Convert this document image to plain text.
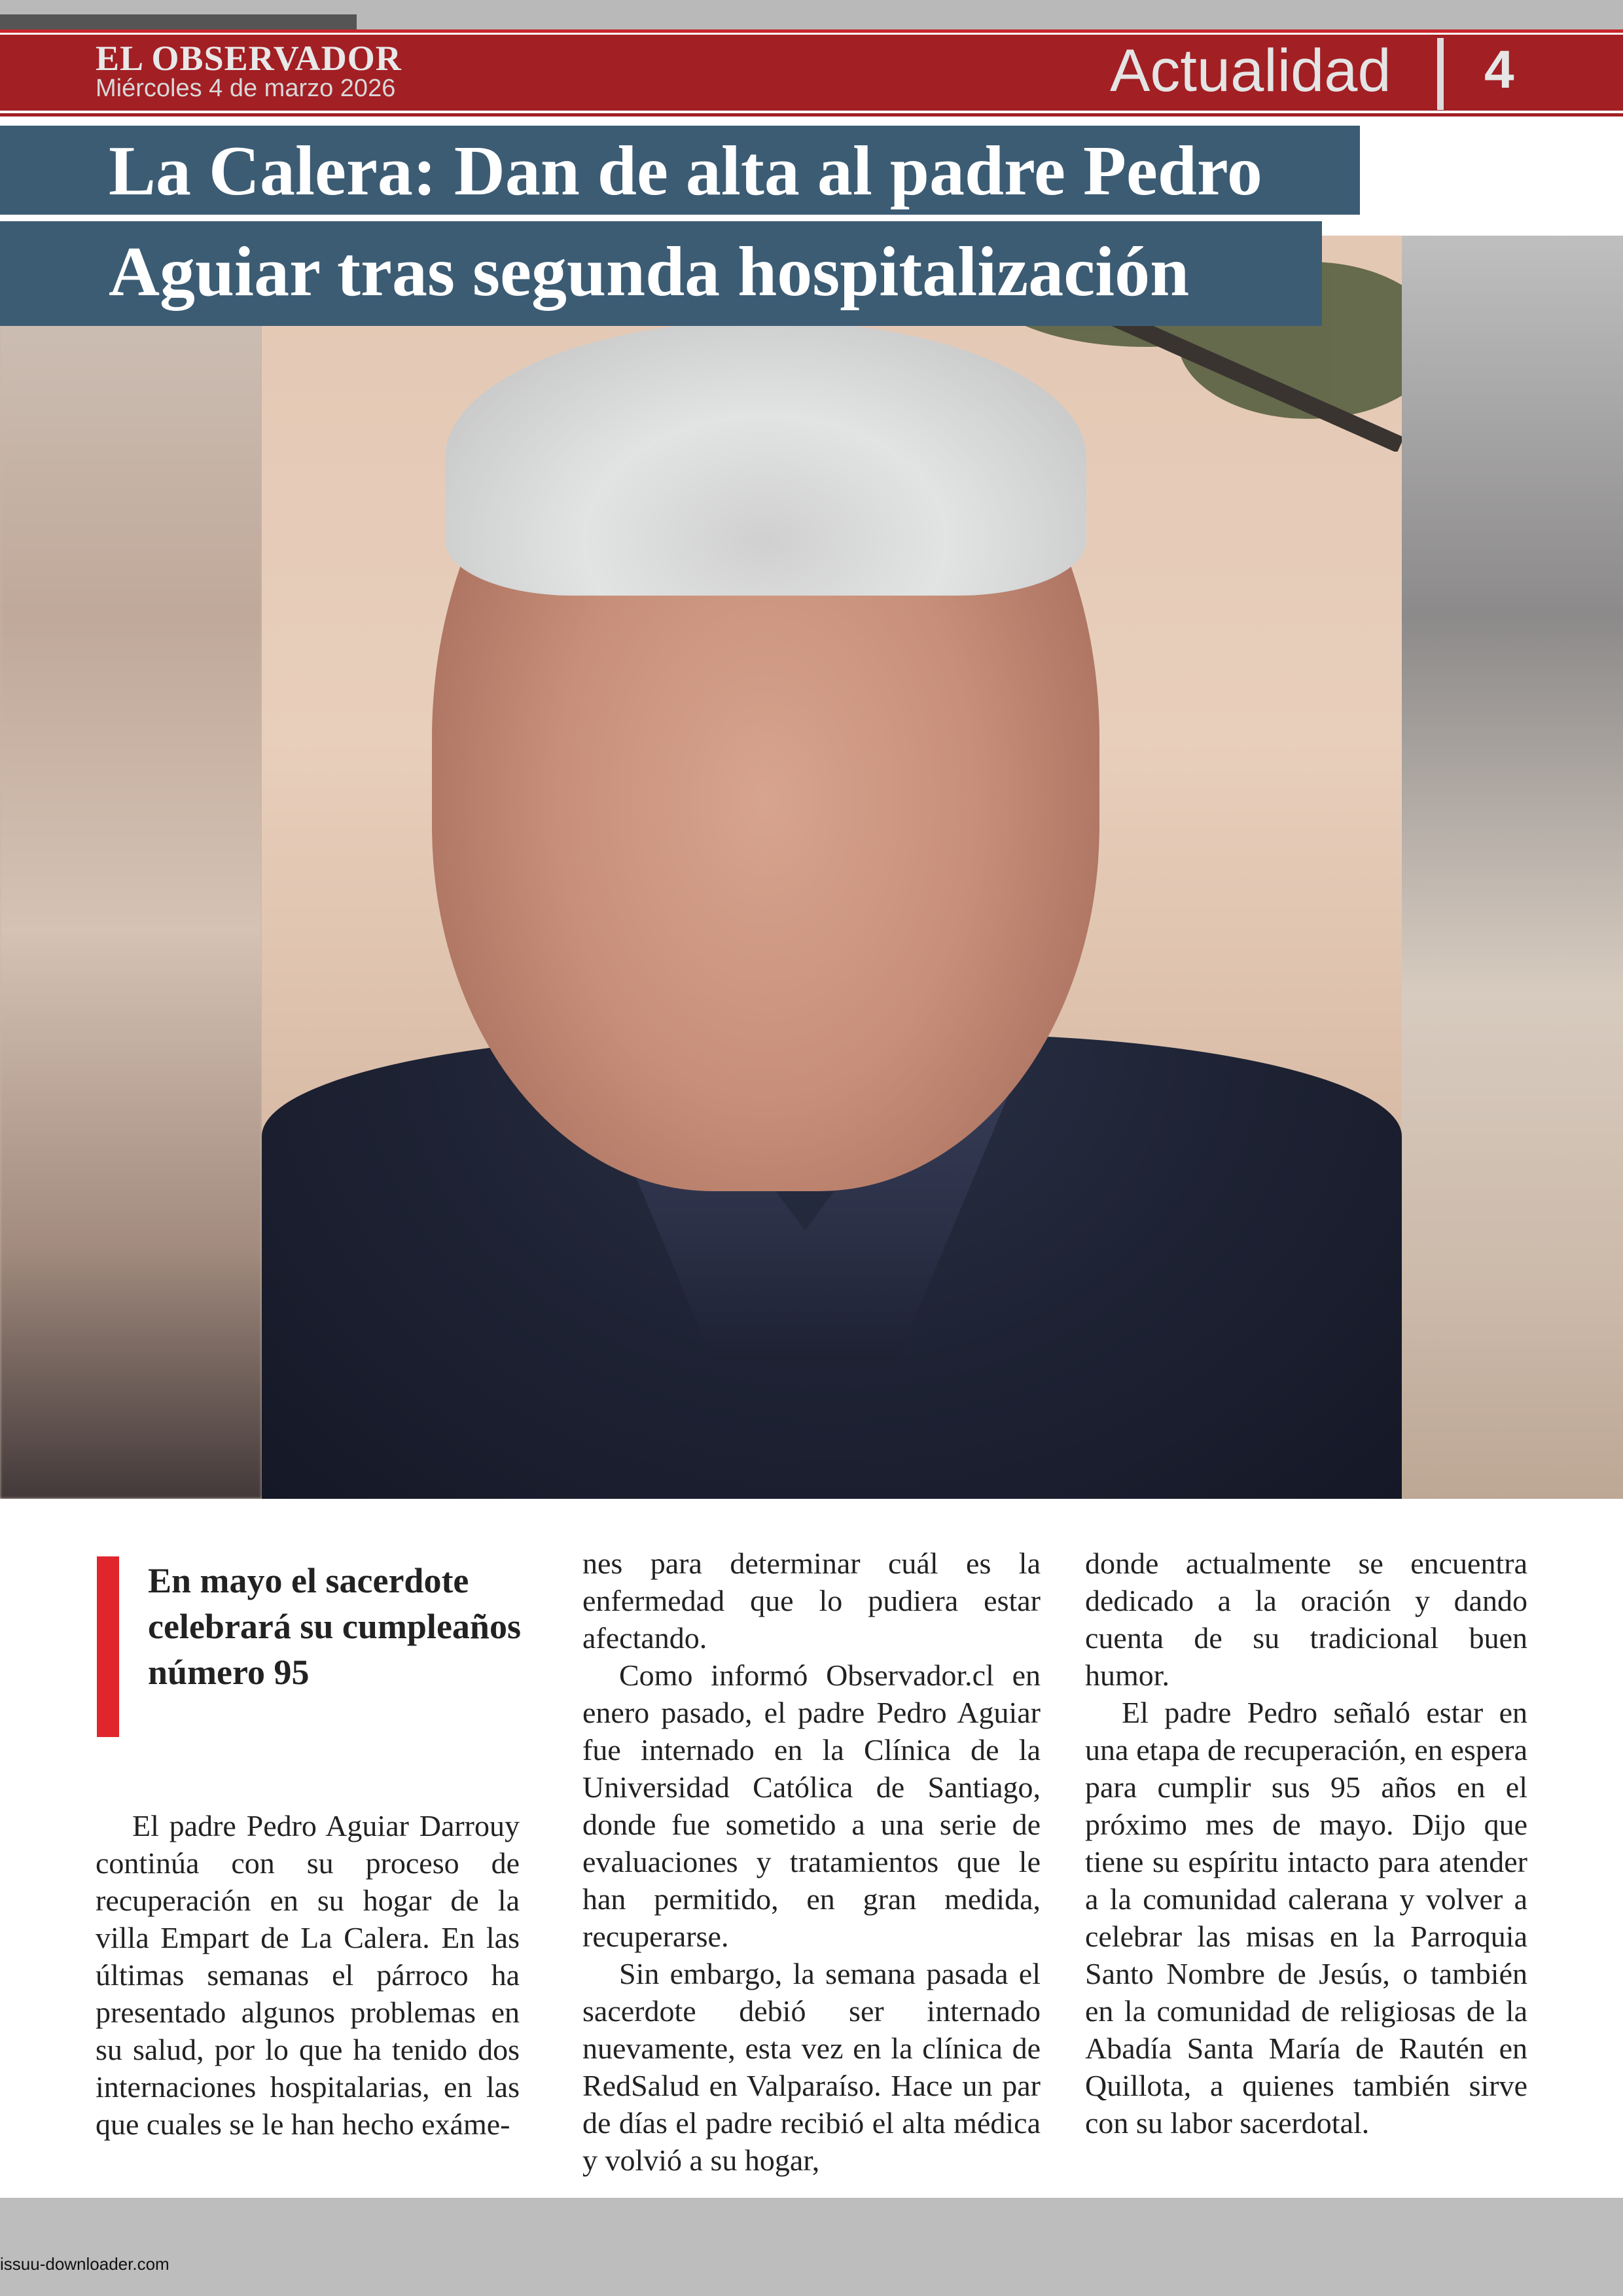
EL OBSERVADOR
Miércoles 4 de marzo 2026	Actualidad 4
La Calera: Dan de alta al padre Pedro
Aguiar tras segunda hospitalización
En mayo el sacerdote celebrará su cumpleaños número 95

El padre Pedro Aguiar Darrouy continúa con su proceso de recuperación en su hogar de la villa Empart de La Calera. En las últimas semanas el párroco ha presentado algunos problemas en su salud, por lo que ha tenido dos internaciones hospitalarias, en las que cuales se le han hecho exáme-

nes para determinar cuál es la enfermedad que lo pudiera estar afectando.

Como informó Observador.cl en enero pasado, el padre Pedro Aguiar fue internado en la Clínica de la Universidad Católica de Santiago, donde fue sometido a una serie de evaluaciones y tratamientos que le han permitido, en gran medida, recuperarse.

Sin embargo, la semana pasada el sacerdote debió ser internado nuevamente, esta vez en la clínica de RedSalud en Valparaíso. Hace un par de días el padre recibió el alta médica y volvió a su hogar,

donde actualmente se encuentra dedicado a la oración y dando cuenta de su tradicional buen humor.

El padre Pedro señaló estar en una etapa de recuperación, en espera para cumplir sus 95 años en el próximo mes de mayo. Dijo que tiene su espíritu intacto para atender a la comunidad calerana y volver a celebrar las misas en la Parroquia Santo Nombre de Jesús, o también en la comunidad de religiosas de la Abadía Santa María de Rautén en Quillota, a quienes también sirve con su labor sacerdotal.

issuu-downloader.com
